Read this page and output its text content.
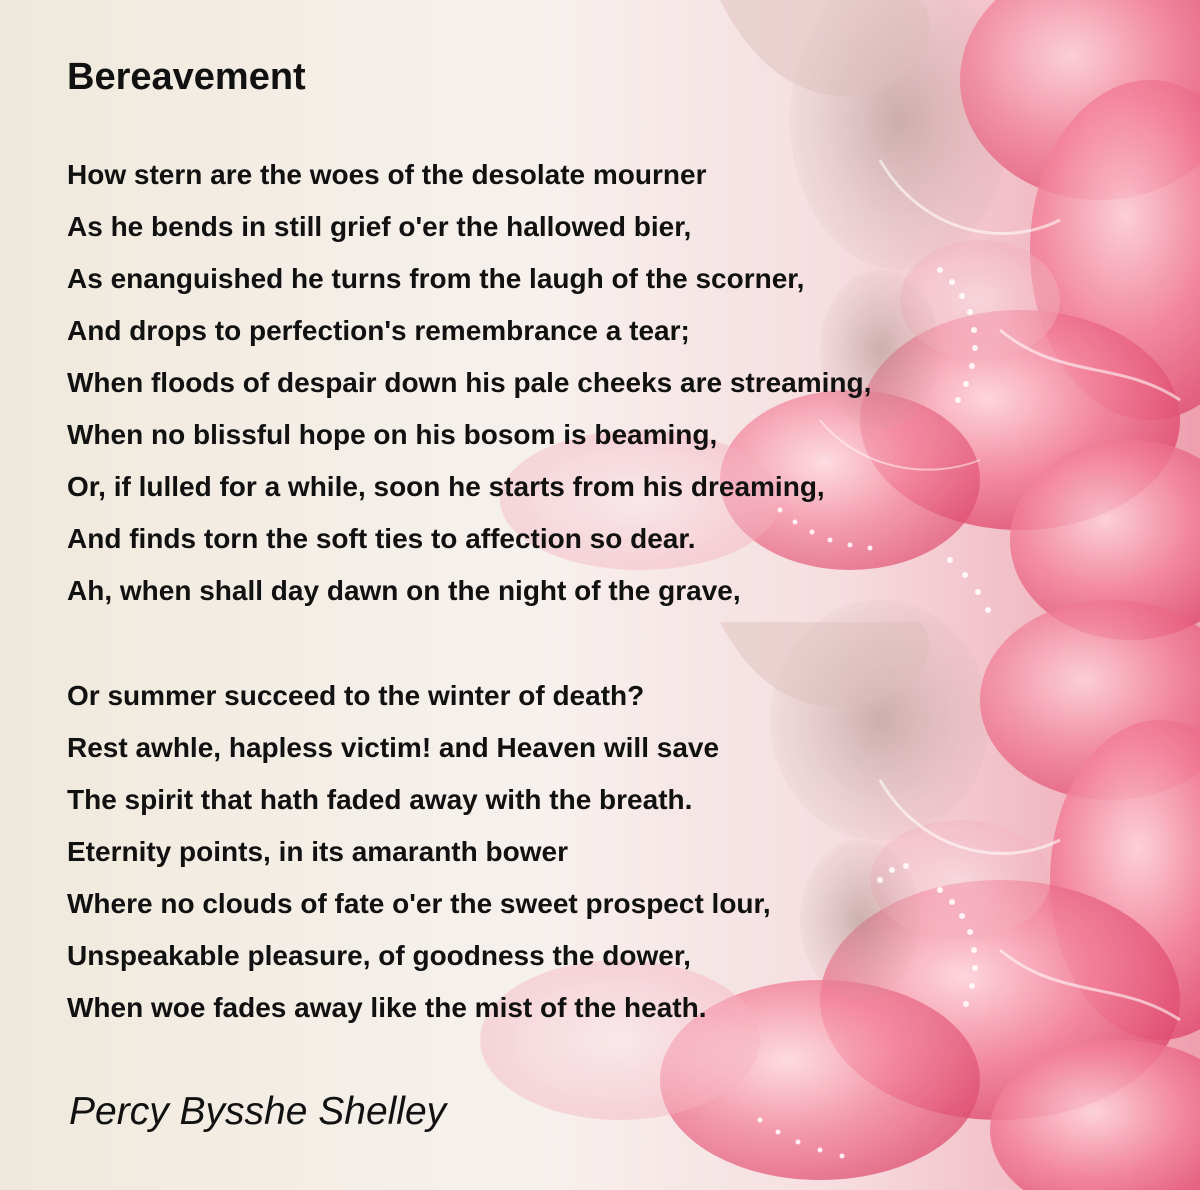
Bereavement
How stern are the woes of the desolate mourner
As he bends in still grief o'er the hallowed bier,
As enanguished he turns from the laugh of the scorner,
And drops to perfection's remembrance a tear;
When floods of despair down his pale cheeks are streaming,
When no blissful hope on his bosom is beaming,
Or, if lulled for a while, soon he starts from his dreaming,
And finds torn the soft ties to affection so dear.
Ah, when shall day dawn on the night of the grave,
Or summer succeed to the winter of death?
Rest awhle, hapless victim! and Heaven will save
The spirit that hath faded away with the breath.
Eternity points, in its amaranth bower
Where no clouds of fate o'er the sweet prospect lour,
Unspeakable pleasure, of goodness the dower,
When woe fades away like the mist of the heath.
Percy Bysshe Shelley
